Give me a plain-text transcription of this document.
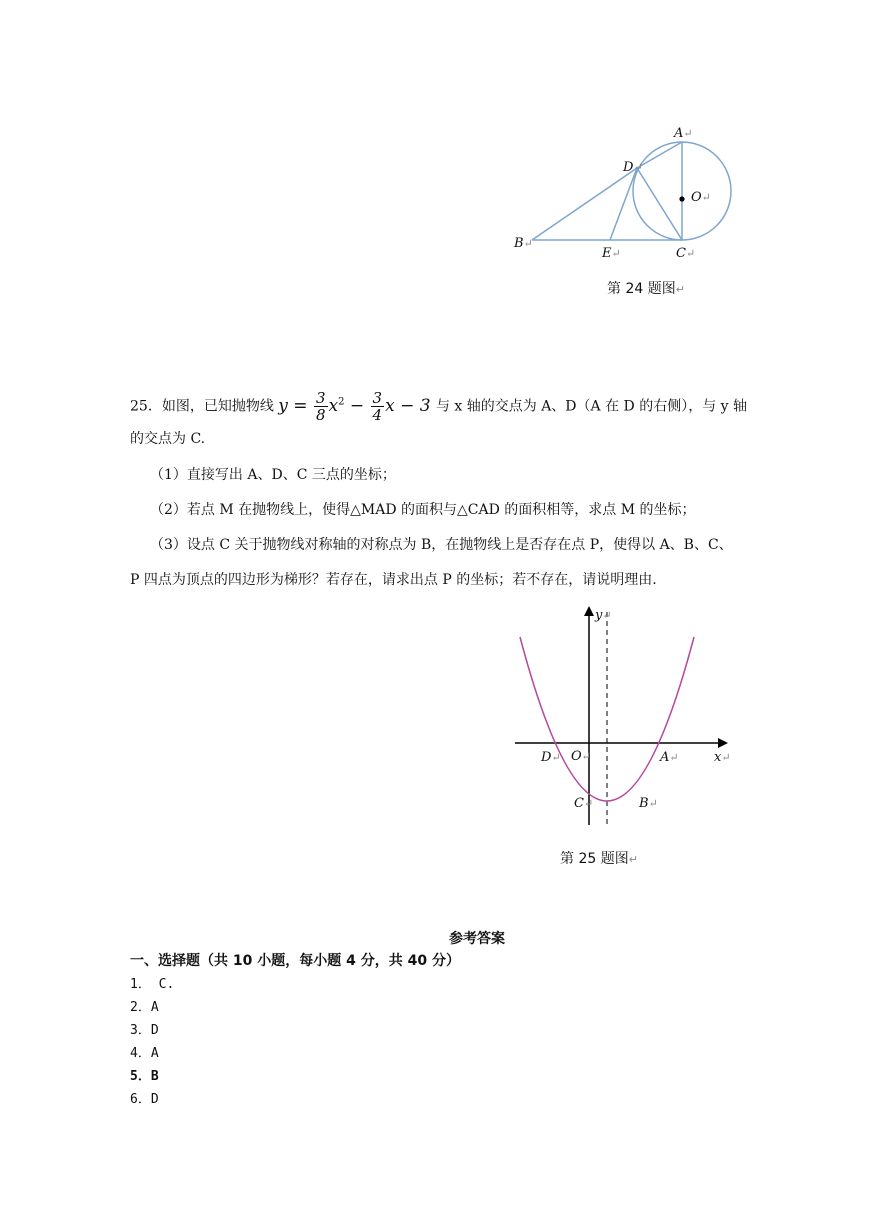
A↵
D↵
O↵
B↵
E↵	C↵
第 24 题图↵
25．如图，已知抛物线 $y = \frac{3}{8} x^2 - \frac{3}{4}$ x − 3 与 x 轴的交点为 A、D（A 在 D 的右侧），与 y 轴
的交点为 C.
（1）直接写出 A、D、C 三点的坐标；
（2）若点 M 在抛物线上，使得△MAD 的面积与△CAD 的面积相等，求点 M 的坐标；
（3）设点 C 关于抛物线对称轴的对称点为 B，在抛物线上是否存在点 P，使得以 A、B、C、
P 四点为顶点的四边形为梯形？若存在，请求出点 P 的坐标；若不存在，请说明理由.
y↵
x↵
D↵ O↵	A↵
C↵	B↵
第 25 题图↵
参考答案
一、选择题（共 10 小题，每小题 4 分，共 40 分）
1． C.
2．A
3．D
4．A
5．B
6．D
